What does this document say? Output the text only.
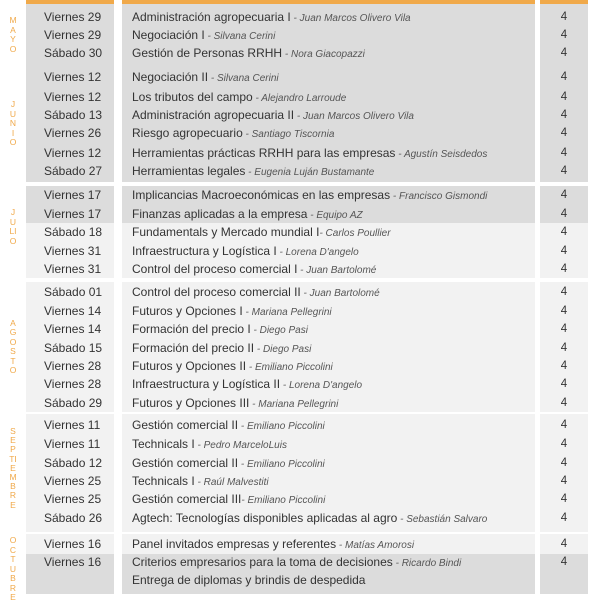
MAYO
Viernes 29	Administración agropecuaria I - Juan Marcos Olivero Vila	4
Viernes 29	Negociación I - Silvana Cerini	4
Sábado 30 Gestión de Personas RRHH - Nora Giacopazzi	4
JUNIO
Viernes 12	Negociación II - Silvana Cerini	4
Viernes 12	Los tributos del campo - Alejandro Larroude	4
Sábado 13 Administración agropecuaria II - Juan Marcos Olivero Vila	4
Viernes 26	Riesgo agropecuario - Santiago Tiscornia	4
Viernes 12	Herramientas prácticas RRHH para las empresas - Agustín Seisdedos	4
Sábado 27 Herramientas legales - Eugenia Luján Bustamante	4
JULIO
Viernes 17	Implicancias Macroeconómicas en las empresas - Francisco Gismondi	4
Viernes 17	Finanzas aplicadas a la empresa - Equipo AZ	4
Sábado 18 Fundamentals y Mercado mundial I- Carlos Poullier	4
Viernes 31	Infraestructura y Logística I - Lorena D'angelo	4
Viernes 31	Control del proceso comercial I - Juan Bartolomé	4
AGOSTO
Sábado 01 Control del proceso comercial II - Juan Bartolomé	4
Viernes 14	Futuros y Opciones I - Mariana Pellegrini	4
Viernes 14	Formación del precio I - Diego Pasi	4
Sábado 15 Formación del precio II - Diego Pasi	4
Viernes 28	Futuros y Opciones II - Emiliano Piccolini	4
Viernes 28	Infraestructura y Logística II - Lorena D'angelo	4
Sábado 29 Futuros y Opciones III - Mariana Pellegrini	4
SEPTIEMBRE
Viernes 11	Gestión comercial II - Emiliano Piccolini	4
Viernes 11	Technicals I - Pedro MarceloLuis	4
Sábado 12 Gestión comercial II - Emiliano Piccolini	4
Viernes 25	Technicals I - Raúl Malvestiti	4
Viernes 25	Gestión comercial III- Emiliano Piccolini	4
Sábado 26 Agtech: Tecnologías disponibles aplicadas al agro - Sebastián Salvaro	4
OCTUBRE
Viernes 16	Panel invitados empresas y referentes - Matías Amorosi	4
Viernes 16	Criterios empresarios para la toma de decisiones - Ricardo Bindi	4
Entrega de diplomas y brindis de despedida
